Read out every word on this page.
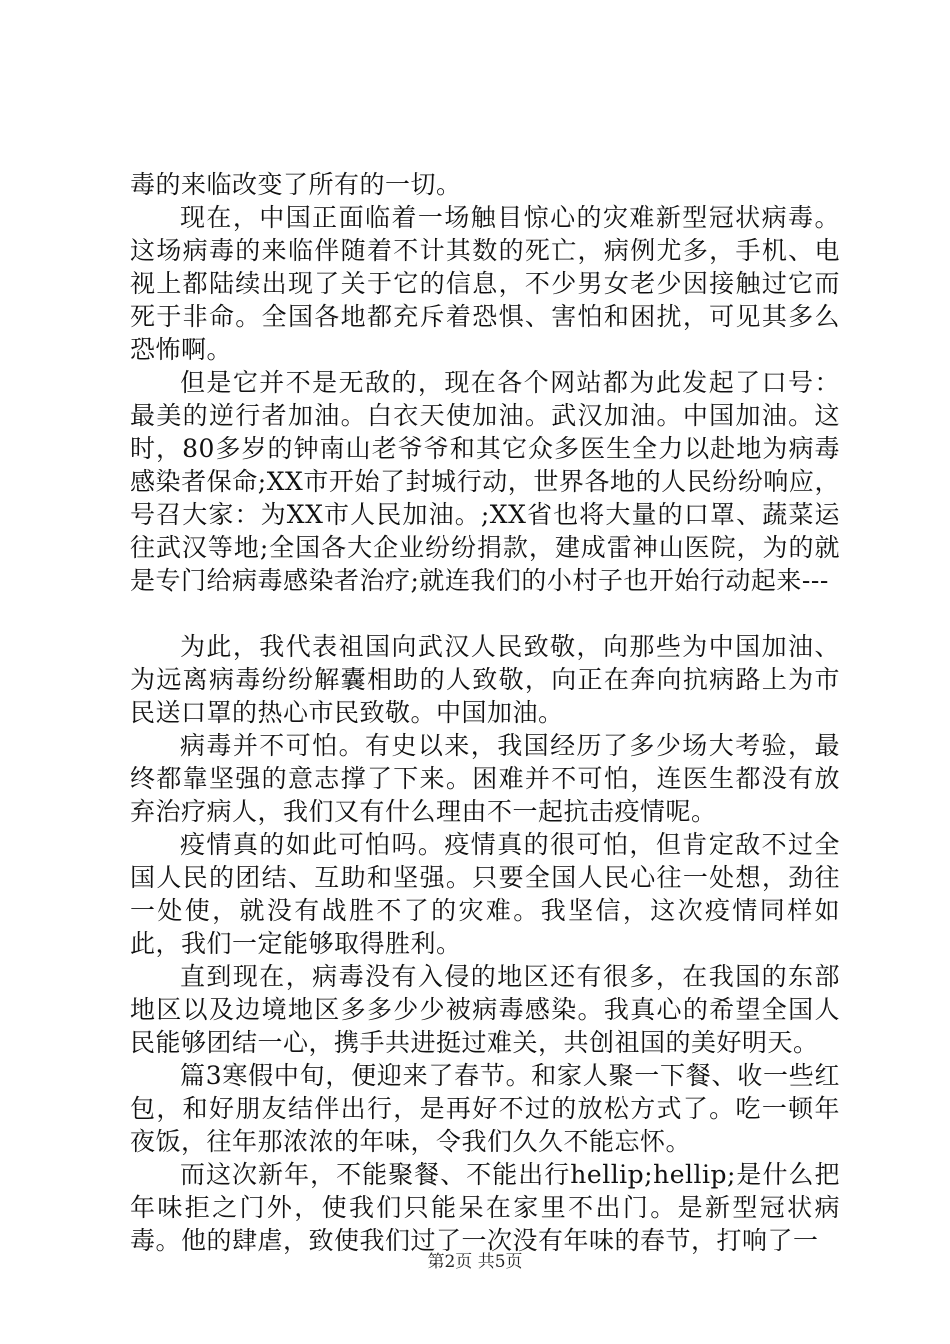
毒的来临改变了所有的一切。

现在，中国正面临着一场触目惊心的灾难新型冠状病毒。这场病毒的来临伴随着不计其数的死亡，病例尤多，手机、电视上都陆续出现了关于它的信息，不少男女老少因接触过它而死于非命。全国各地都充斥着恐惧、害怕和困扰，可见其多么恐怖啊。

但是它并不是无敌的，现在各个网站都为此发起了口号：最美的逆行者加油。白衣天使加油。武汉加油。中国加油。这时，80多岁的钟南山老爷爷和其它众多医生全力以赴地为病毒感染者保命;XX市开始了封城行动，世界各地的人民纷纷响应，号召大家：为XX市人民加油。;XX省也将大量的口罩、蔬菜运往武汉等地;全国各大企业纷纷捐款，建成雷神山医院，为的就是专门给病毒感染者治疗;就连我们的小村子也开始行动起来---

为此，我代表祖国向武汉人民致敬，向那些为中国加油、为远离病毒纷纷解囊相助的人致敬，向正在奔向抗病路上为市民送口罩的热心市民致敬。中国加油。

病毒并不可怕。有史以来，我国经历了多少场大考验，最终都靠坚强的意志撑了下来。困难并不可怕，连医生都没有放弃治疗病人，我们又有什么理由不一起抗击疫情呢。

疫情真的如此可怕吗。疫情真的很可怕，但肯定敌不过全国人民的团结、互助和坚强。只要全国人民心往一处想，劲往一处使，就没有战胜不了的灾难。我坚信，这次疫情同样如此，我们一定能够取得胜利。

直到现在，病毒没有入侵的地区还有很多，在我国的东部地区以及边境地区多多少少被病毒感染。我真心的希望全国人民能够团结一心，携手共进挺过难关，共创祖国的美好明天。

篇3寒假中旬，便迎来了春节。和家人聚一下餐、收一些红包，和好朋友结伴出行，是再好不过的放松方式了。吃一顿年夜饭，往年那浓浓的年味，令我们久久不能忘怀。

而这次新年，不能聚餐、不能出行hellip;hellip;是什么把年味拒之门外，使我们只能呆在家里不出门。是新型冠状病毒。他的肆虐，致使我们过了一次没有年味的春节，打响了一

第2页 共5页
